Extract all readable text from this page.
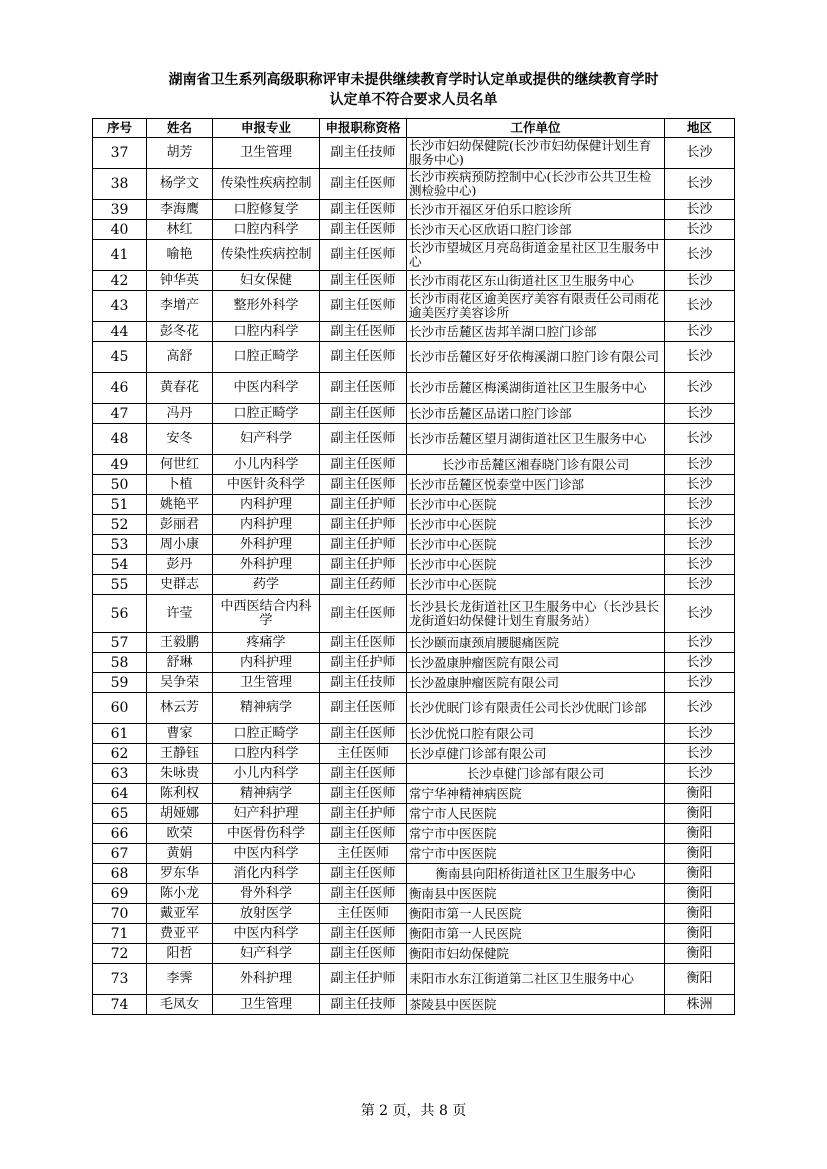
湖南省卫生系列高级职称评审未提供继续教育学时认定单或提供的继续教育学时
认定单不符合要求人员名单
序号	姓名	申报专业	申报职称资格	工作单位	地区
37	胡芳	卫生管理	副主任技师	长沙市妇幼保健院(长沙市妇幼保健计划生育服务中心)	长沙
38	杨学文	传染性疾病控制	副主任医师	长沙市疾病预防控制中心(长沙市公共卫生检测检验中心)	长沙
39	李海鹰	口腔修复学	副主任医师	长沙市开福区牙伯乐口腔诊所	长沙
40	林红	口腔内科学	副主任医师	长沙市天心区欣语口腔门诊部	长沙
41	喻艳	传染性疾病控制	副主任医师	长沙市望城区月亮岛街道金星社区卫生服务中心	长沙
42	钟华英	妇女保健	副主任医师	长沙市雨花区东山街道社区卫生服务中心	长沙
43	李增产	整形外科学	副主任医师	长沙市雨花区逾美医疗美容有限责任公司雨花逾美医疗美容诊所	长沙
44	彭冬花	口腔内科学	副主任医师	长沙市岳麓区齿邦羊湖口腔门诊部	长沙
45	高舒	口腔正畸学	副主任医师	长沙市岳麓区好牙依梅溪湖口腔门诊有限公司	长沙
46	黄春花	中医内科学	副主任医师	长沙市岳麓区梅溪湖街道社区卫生服务中心	长沙
47	冯丹	口腔正畸学	副主任医师	长沙市岳麓区品诺口腔门诊部	长沙
48	安冬	妇产科学	副主任医师	长沙市岳麓区望月湖街道社区卫生服务中心	长沙
49	何世红	小儿内科学	副主任医师	长沙市岳麓区湘春晓门诊有限公司	长沙
50	卜植	中医针灸科学	副主任医师	长沙市岳麓区悦泰堂中医门诊部	长沙
51	姚艳平	内科护理	副主任护师	长沙市中心医院	长沙
52	彭丽君	内科护理	副主任护师	长沙市中心医院	长沙
53	周小康	外科护理	副主任护师	长沙市中心医院	长沙
54	彭丹	外科护理	副主任护师	长沙市中心医院	长沙
55	史群志	药学	副主任药师	长沙市中心医院	长沙
56	许莹	中西医结合内科学	副主任医师	长沙县长龙街道社区卫生服务中心（长沙县长龙街道妇幼保健计划生育服务站）	长沙
57	王毅鹏	疼痛学	副主任医师	长沙颐而康颈肩腰腿痛医院	长沙
58	舒琳	内科护理	副主任护师	长沙盈康肿瘤医院有限公司	长沙
59	吴争荣	卫生管理	副主任技师	长沙盈康肿瘤医院有限公司	长沙
60	林云芳	精神病学	副主任医师	长沙优眠门诊有限责任公司长沙优眠门诊部	长沙
61	曹家	口腔正畸学	副主任医师	长沙优悦口腔有限公司	长沙
62	王静钰	口腔内科学	主任医师	长沙卓健门诊部有限公司	长沙
63	朱咏贵	小儿内科学	副主任医师	长沙卓健门诊部有限公司	长沙
64	陈利权	精神病学	副主任医师	常宁华神精神病医院	衡阳
65	胡娅娜	妇产科护理	副主任护师	常宁市人民医院	衡阳
66	欧荣	中医骨伤科学	副主任医师	常宁市中医医院	衡阳
67	黄娟	中医内科学	主任医师	常宁市中医医院	衡阳
68	罗东华	消化内科学	副主任医师	衡南县向阳桥街道社区卫生服务中心	衡阳
69	陈小龙	骨外科学	副主任医师	衡南县中医医院	衡阳
70	戴亚军	放射医学	主任医师	衡阳市第一人民医院	衡阳
71	费亚平	中医内科学	副主任医师	衡阳市第一人民医院	衡阳
72	阳哲	妇产科学	副主任医师	衡阳市妇幼保健院	衡阳
73	李霁	外科护理	副主任护师	耒阳市水东江街道第二社区卫生服务中心	衡阳
74	毛凤女	卫生管理	副主任技师	茶陵县中医医院	株洲
第 2 页，共 8 页
